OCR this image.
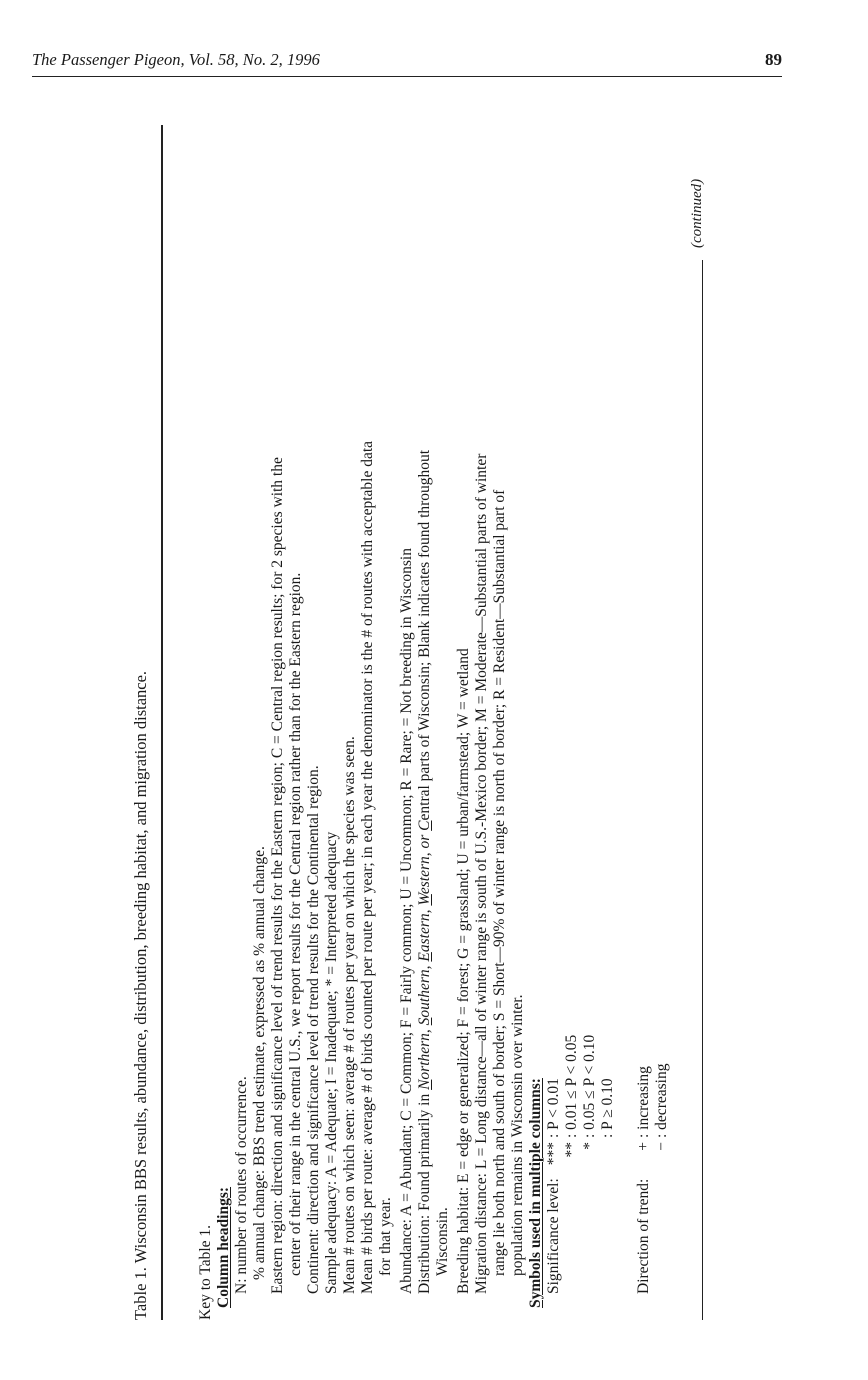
The Passenger Pigeon, Vol. 58, No. 2, 1996	89
Table 1. Wisconsin BBS results, abundance, distribution, breeding habitat, and migration distance.	Key to Table 1. Column headings: N: number of routes of occurrence. % annual change: BBS trend estimate, expressed as % annual change. Eastern region: direction and significance level of trend results for the Eastern region; C = Central region results; for 2 species with the center of their range in the central U.S., we report results for the Central region rather than for the Eastern region. Continent: direction and significance level of trend results for the Continental region. Sample adequacy: A = Adequate; I = Inadequate; * = Interpreted adequacy Mean # routes on which seen: average # of routes per year on which the species was seen. Mean # birds per route: average # of birds counted per route per year; in each year the denominator is the # of routes with acceptable data for that year. Abundance: A = Abundant; C = Common; F = Fairly common; U = Uncommon; R = Rare; = Not breeding in Wisconsin Distribution: Found primarily in Northern, Southern, Eastern, Western, or Central parts of Wisconsin; Blank indicates found throughout
Wisconsin. Breeding habitat: E = edge or generalized; F = forest; G = grassland; U = urban/farmstead; W = wetland Migration distance: L = Long distance—all of winter range is south of U.S.-Mexico border; M = Moderate—Substantial parts of winter range lie both north and south of border; S = Short—90% of winter range is north of border; R = Resident—Substantial part of population remains in Wisconsin over winter. Symbols used in multiple columns: Significance level:
***
: P < 0.01
**
: 0.01 ≤ P < 0.05
*
: 0.05 ≤ P < 0.10 : P ≥ 0.10
Direction of trend:
+
: increasing
−
: decreasing
(continued)
